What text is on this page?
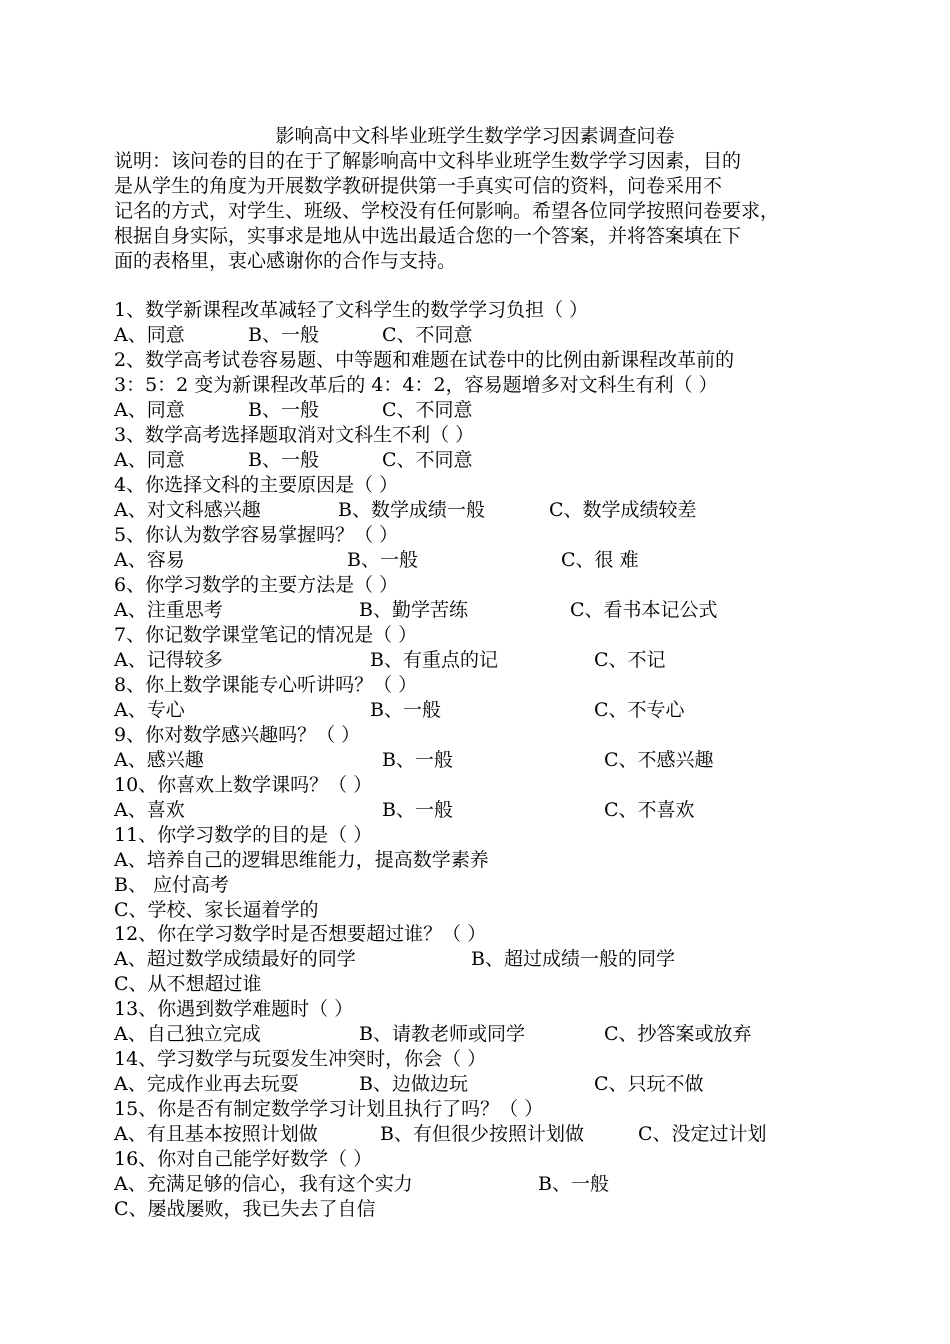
影响高中文科毕业班学生数学学习因素调查问卷
说明：该问卷的目的在于了解影响高中文科毕业班学生数学学习因素，目的
是从学生的角度为开展数学教研提供第一手真实可信的资料，问卷采用不
记名的方式，对学生、班级、学校没有任何影响。希望各位同学按照问卷要求，
根据自身实际，实事求是地从中选出最适合您的一个答案，并将答案填在下
面的表格里，衷心感谢你的合作与支持。
1、数学新课程改革减轻了文科学生的数学学习负担（ ）
A、同意	B、一般	C、不同意
2、数学高考试卷容易题、中等题和难题在试卷中的比例由新课程改革前的
3：5：2 变为新课程改革后的 4：4：2，容易题增多对文科生有利（ ）
A、同意	B、一般	C、不同意
3、数学高考选择题取消对文科生不利（ ）
A、同意	B、一般	C、不同意
4、你选择文科的主要原因是（ ）
A、对文科感兴趣	B、数学成绩一般	C、数学成绩较差
5、你认为数学容易掌握吗？（ ）
A、容易	B、一般	C、很 难
6、你学习数学的主要方法是（ ）
A、注重思考	B、勤学苦练	C、看书本记公式
7、你记数学课堂笔记的情况是（ ）
A、记得较多	B、有重点的记	C、不记
8、你上数学课能专心听讲吗？（ ）
A、专心	B、一般	C、不专心
9、你对数学感兴趣吗？（ ）
A、感兴趣	B、一般	C、不感兴趣
10、你喜欢上数学课吗？（ ）
A、喜欢	B、一般	C、不喜欢
11、你学习数学的目的是（ ）
A、培养自己的逻辑思维能力，提高数学素养
B、 应付高考
C、学校、家长逼着学的
12、你在学习数学时是否想要超过谁？（ ）
A、超过数学成绩最好的同学	B、超过成绩一般的同学
C、从不想超过谁
13、你遇到数学难题时（ ）
A、自己独立完成	B、请教老师或同学	C、抄答案或放弃
14、学习数学与玩耍发生冲突时，你会（ ）
A、完成作业再去玩耍	B、边做边玩	C、只玩不做
15、你是否有制定数学学习计划且执行了吗？（ ）
A、有且基本按照计划做	B、有但很少按照计划做	C、没定过计划
16、你对自己能学好数学（ ）
A、充满足够的信心，我有这个实力	B、一般
C、屡战屡败，我已失去了自信
